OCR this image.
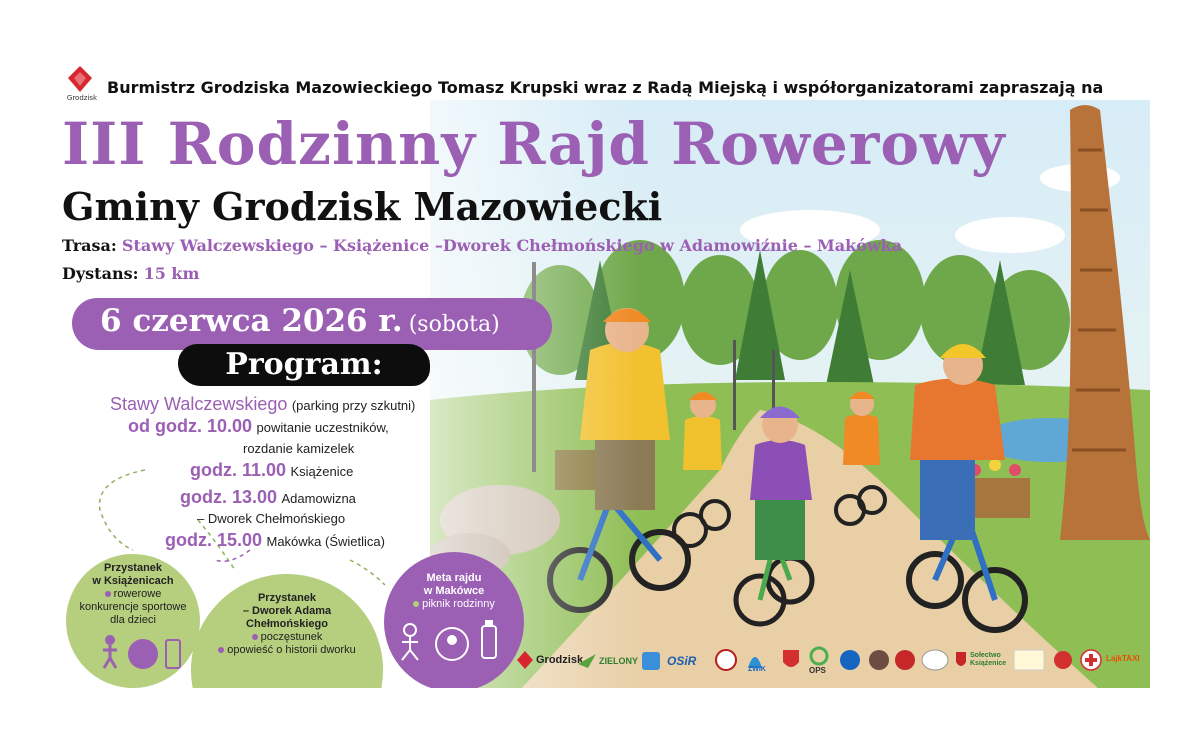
Grodzisk
Burmistrz Grodziska Mazowieckiego Tomasz Krupski wraz z Radą Miejską i współorganizatorami zapraszają na
III Rodzinny Rajd Rowerowy
Gminy Grodzisk Mazowiecki
Trasa: Stawy Walczewskiego – Książenice –Dworek Chełmońskiego w Adamowiźnie – Makówka
Dystans: 15 km
6 czerwca 2026 r. (sobota)
Program:
Stawy Walczewskiego (parking przy szkutni)
od godz. 10.00 powitanie uczestników,
rozdanie kamizelek
godz. 11.00 Książenice
godz. 13.00 Adamowizna
– Dworek Chełmońskiego
godz. 15.00 Makówka (Świetlica)
Przystanek
w Książenicach
rowerowe
konkurencje sportowe
dla dzieci
Przystanek
– Dworek Adama
Chełmońskiego
poczęstunek
opowieść o historii dworku
Meta rajdu
w Makówce
piknik rodzinny
Grodzisk ZIELONY OSiR
ZWiK	OPS
Sołectwo Książenice
LajkTAXI
